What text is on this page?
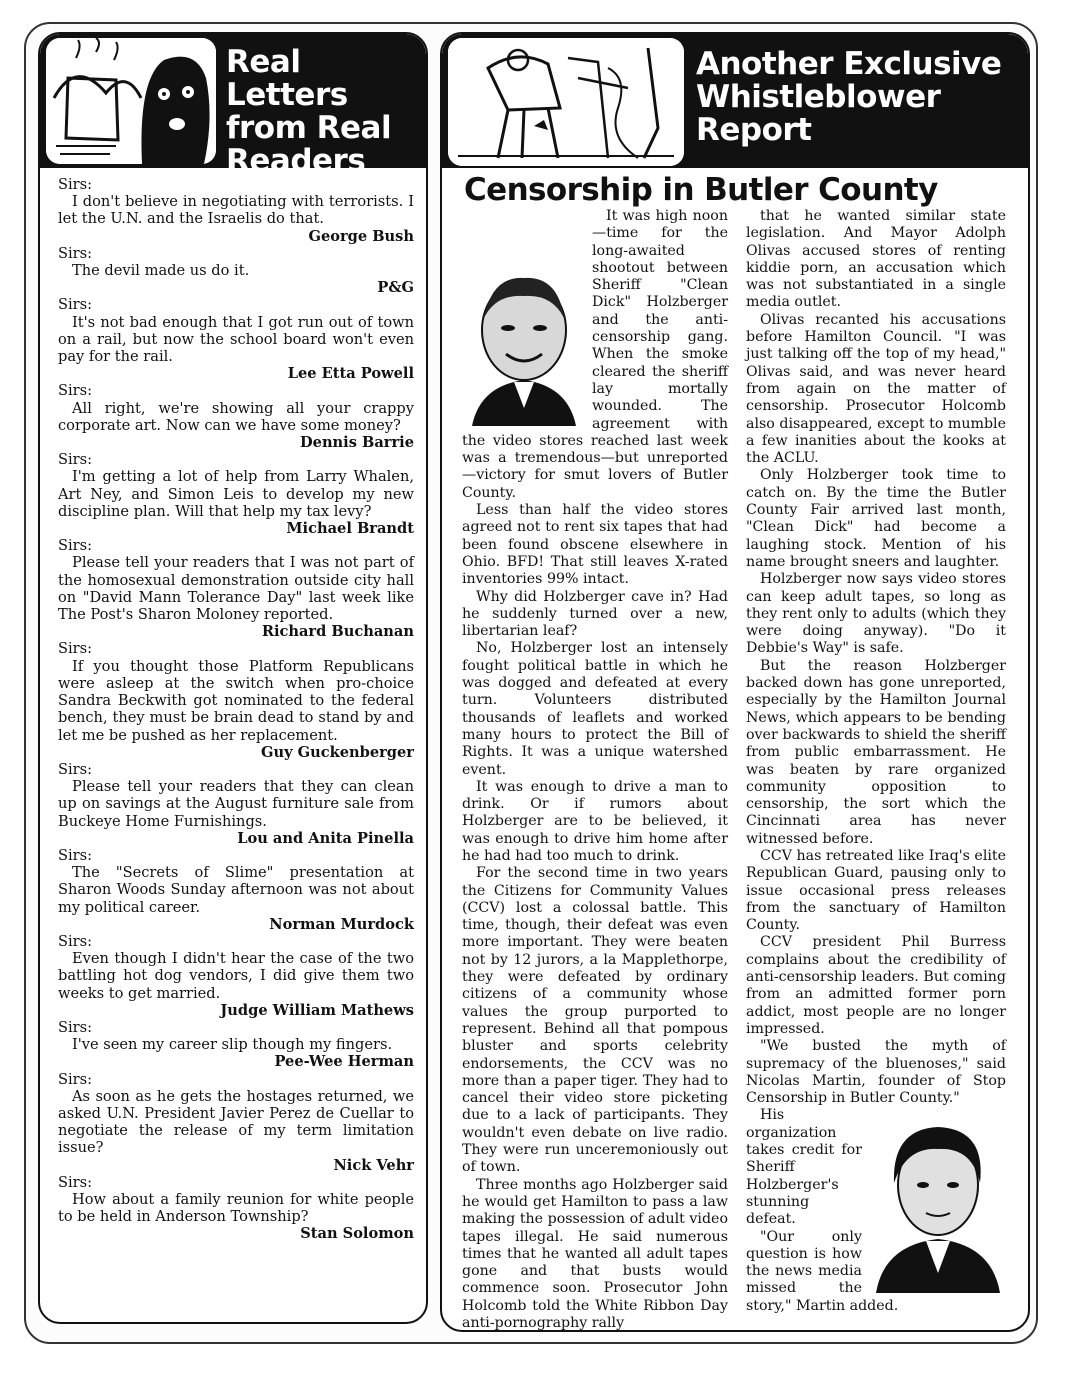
Real Letters
from Real
Readers
Sirs:
I don't believe in negotiating with terrorists. I let the U.N. and the Israelis do that.
George Bush
Sirs:
The devil made us do it.
P&G
Sirs:
It's not bad enough that I got run out of town on a rail, but now the school board won't even pay for the rail.
Lee Etta Powell
Sirs:
All right, we're showing all your crappy corporate art. Now can we have some money?
Dennis Barrie
Sirs:
I'm getting a lot of help from Larry Whalen, Art Ney, and Simon Leis to develop my new discipline plan. Will that help my tax levy?
Michael Brandt
Sirs:
Please tell your readers that I was not part of the homosexual demonstration outside city hall on "David Mann Tolerance Day" last week like The Post's Sharon Moloney reported.
Richard Buchanan
Sirs:
If you thought those Platform Republicans were asleep at the switch when pro-choice Sandra Beckwith got nominated to the federal bench, they must be brain dead to stand by and let me be pushed as her replacement.
Guy Guckenberger
Sirs:
Please tell your readers that they can clean up on savings at the August furniture sale from Buckeye Home Furnishings.
Lou and Anita Pinella
Sirs:
The "Secrets of Slime" presentation at Sharon Woods Sunday afternoon was not about my political career.
Norman Murdock
Sirs:
Even though I didn't hear the case of the two battling hot dog vendors, I did give them two weeks to get married.
Judge William Mathews
Sirs:
I've seen my career slip though my fingers.
Pee-Wee Herman
Sirs:
As soon as he gets the hostages returned, we asked U.N. President Javier Perez de Cuellar to negotiate the release of my term limitation issue?
Nick Vehr
Sirs:
How about a family reunion for white people to be held in Anderson Township?
Stan Solomon
Another Exclusive
Whistleblower
Report
Censorship in Butler County

It was high noon—time for the long-awaited shootout between Sheriff "Clean Dick" Holzberger and the anti-censorship gang. When the smoke cleared the sheriff lay mortally wounded. The agreement with the video stores reached last week was a tremendous—but unreported—victory for smut lovers of Butler County.

Less than half the video stores agreed not to rent six tapes that had been found obscene elsewhere in Ohio. BFD! That still leaves X-rated inventories 99% intact.

Why did Holzberger cave in? Had he suddenly turned over a new, libertarian leaf?

No, Holzberger lost an intensely fought political battle in which he was dogged and defeated at every turn. Volunteers distributed thousands of leaflets and worked many hours to protect the Bill of Rights. It was a unique watershed event.

It was enough to drive a man to drink. Or if rumors about Holzberger are to be believed, it was enough to drive him home after he had had too much to drink.

For the second time in two years the Citizens for Community Values (CCV) lost a colossal battle. This time, though, their defeat was even more important. They were beaten not by 12 jurors, a la Mapplethorpe, they were defeated by ordinary citizens of a community whose values the group purported to represent. Behind all that pompous bluster and sports celebrity endorsements, the CCV was no more than a paper tiger. They had to cancel their video store picketing due to a lack of participants. They wouldn't even debate on live radio. They were run unceremoniously out of town.

Three months ago Holzberger said he would get Hamilton to pass a law making the possession of adult video tapes illegal. He said numerous times that he wanted all adult tapes gone and that busts would commence soon. Prosecutor John Holcomb told the White Ribbon Day anti-pornography rally

that he wanted similar state legislation. And Mayor Adolph Olivas accused stores of renting kiddie porn, an accusation which was not substantiated in a single media outlet.

Olivas recanted his accusations before Hamilton Council. "I was just talking off the top of my head," Olivas said, and was never heard from again on the matter of censorship. Prosecutor Holcomb also disappeared, except to mumble a few inanities about the kooks at the ACLU.

Only Holzberger took time to catch on. By the time the Butler County Fair arrived last month, "Clean Dick" had become a laughing stock. Mention of his name brought sneers and laughter.

Holzberger now says video stores can keep adult tapes, so long as they rent only to adults (which they were doing anyway). "Do it Debbie's Way" is safe.

But the reason Holzberger backed down has gone unreported, especially by the Hamilton Journal News, which appears to be bending over backwards to shield the sheriff from public embarrassment. He was beaten by rare organized community opposition to censorship, the sort which the Cincinnati area has never witnessed before.

CCV has retreated like Iraq's elite Republican Guard, pausing only to issue occasional press releases from the sanctuary of Hamilton County.

CCV president Phil Burress complains about the credibility of anti-censorship leaders. But coming from an admitted former porn addict, most people are no longer impressed.

"We busted the myth of supremacy of the bluenoses," said Nicolas Martin, founder of Stop Censorship in Butler County."

His organization takes credit for Sheriff Holzberger's stunning defeat.

"Our only question is how the news media missed the story," Martin added.
